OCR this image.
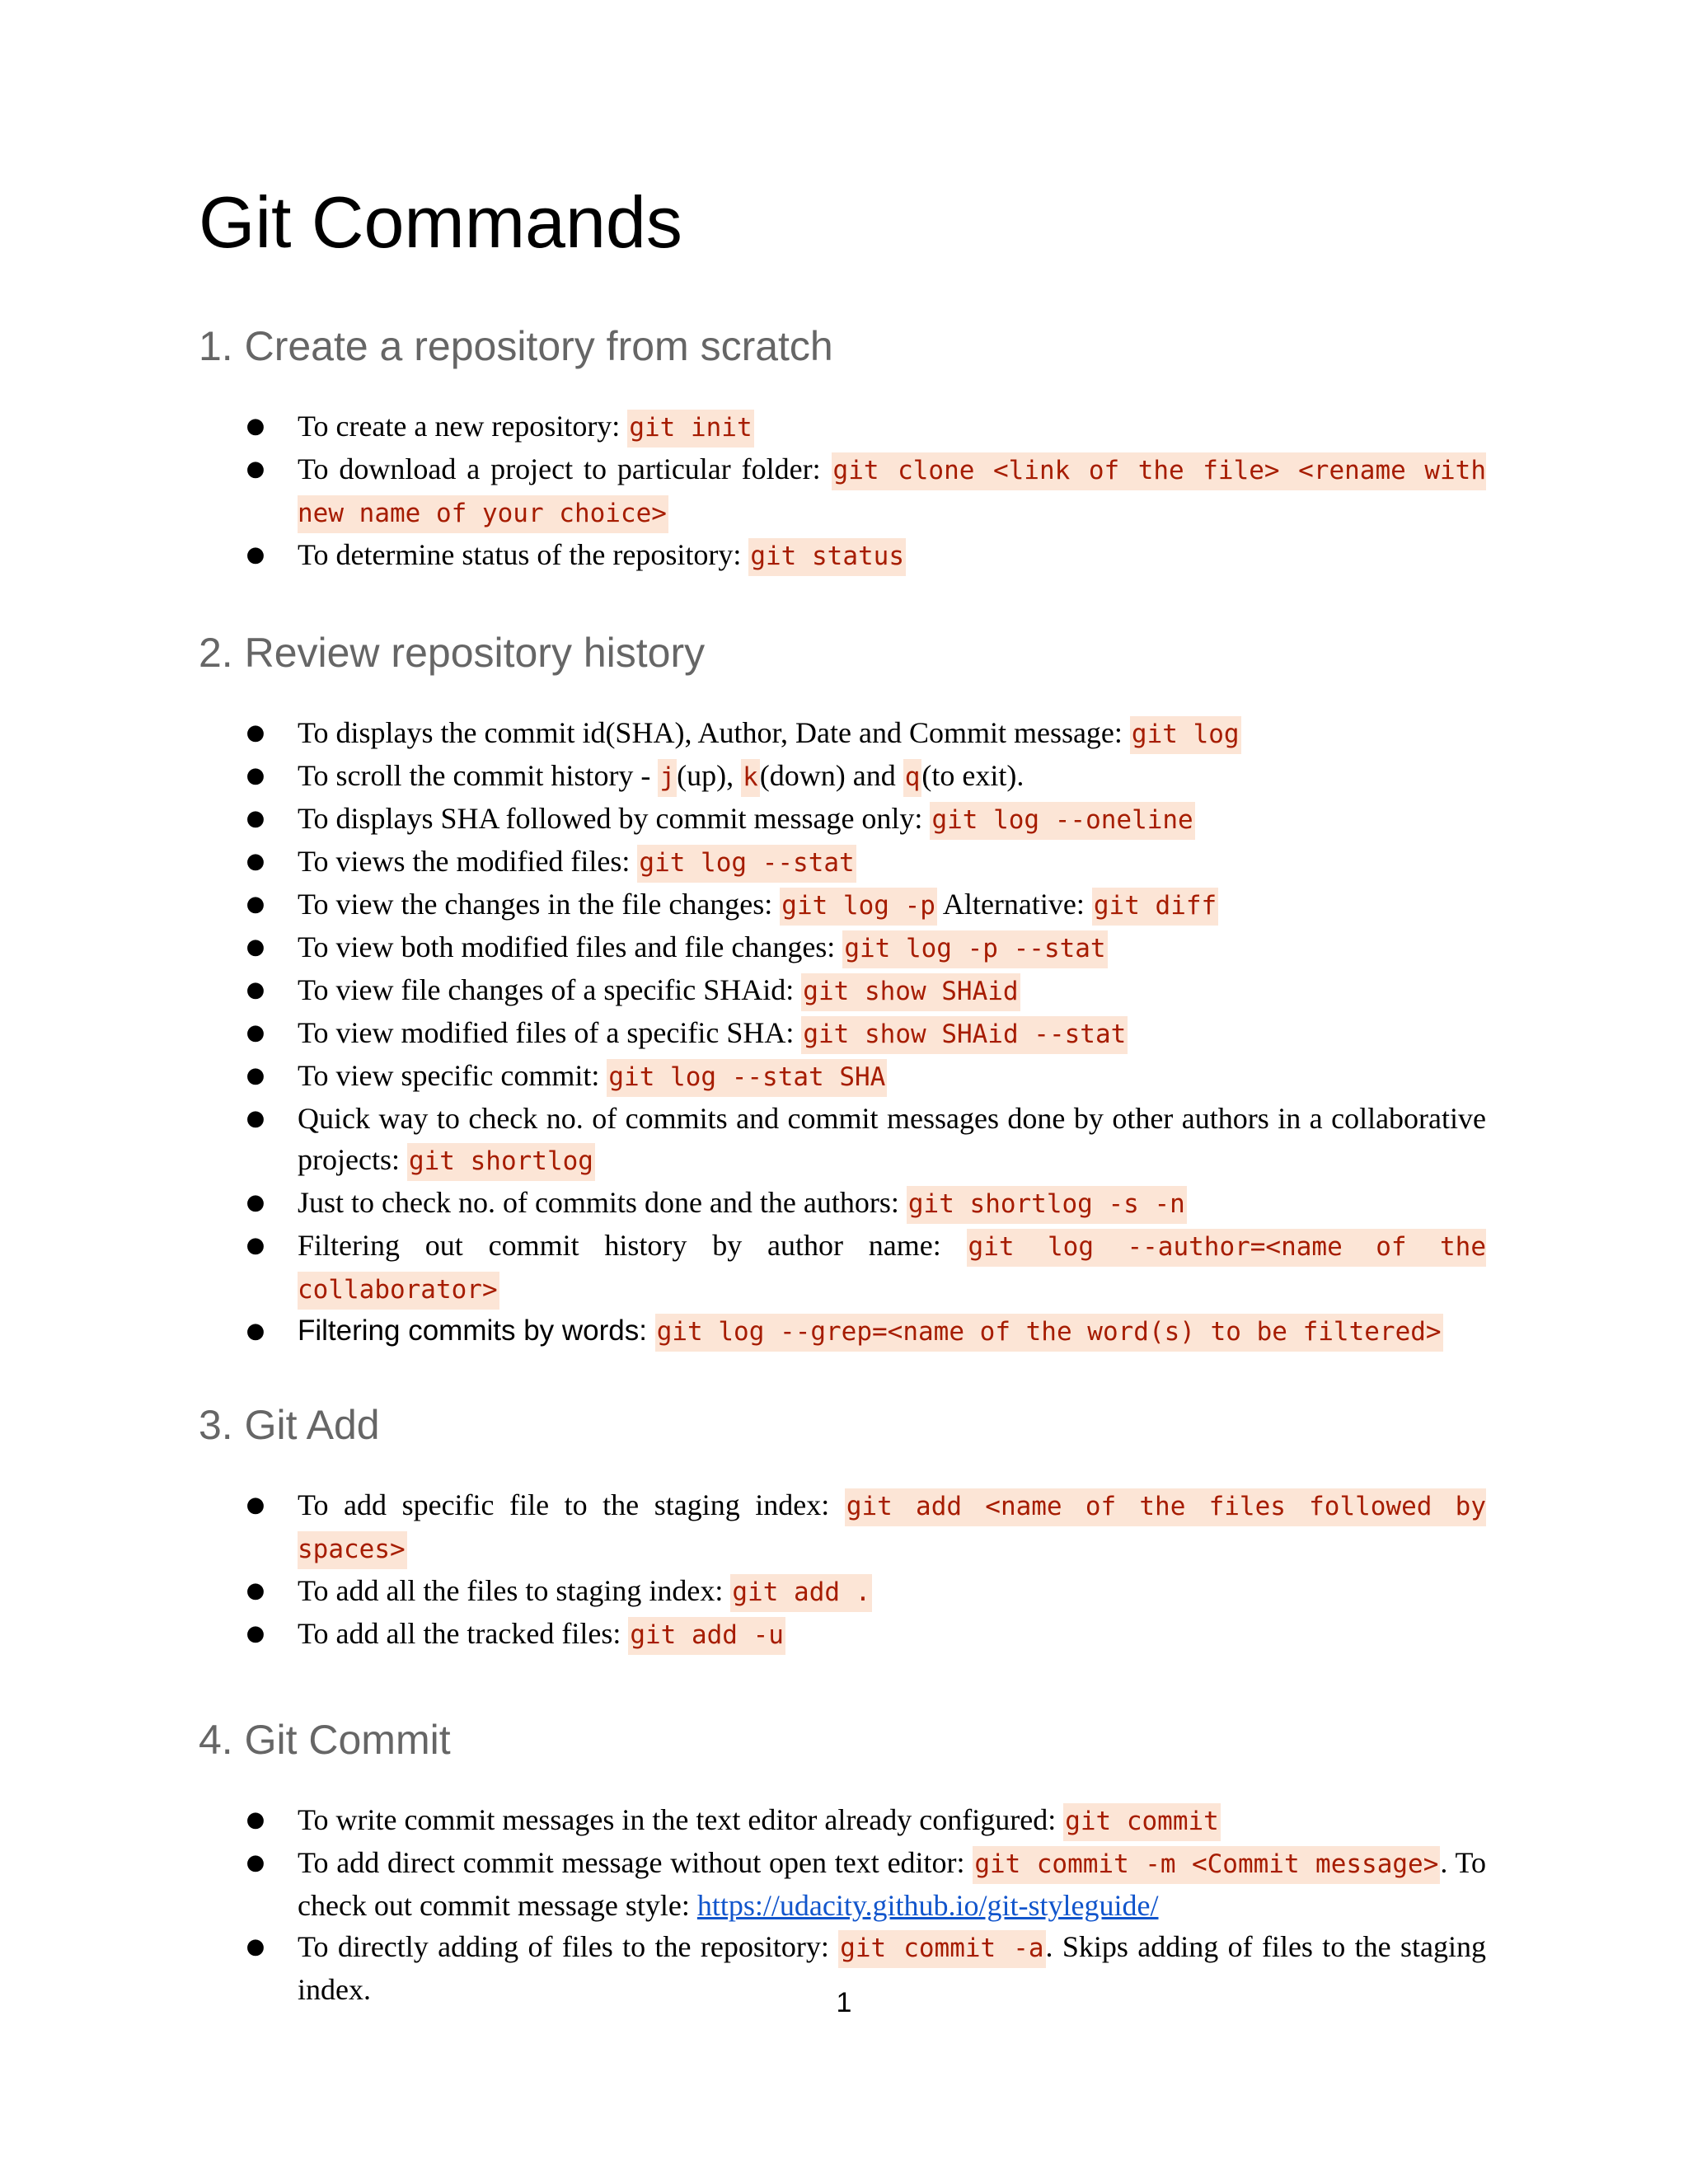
Git Commands
1. Create a repository from scratch
● To create a new repository: git init
● To download a project to particular folder: git clone <link of the file> <rename with new name of your choice>
● To determine status of the repository: git status
2. Review repository history
● To displays the commit id(SHA), Author, Date and Commit message: git log
● To scroll the commit history - j(up), k(down) and q(to exit).
● To displays SHA followed by commit message only: git log --oneline
● To views the modified files: git log --stat
● To view the changes in the file changes: git log -p Alternative: git diff
● To view both modified files and file changes: git log -p --stat
● To view file changes of a specific SHAid: git show SHAid
● To view modified files of a specific SHA: git show SHAid --stat
● To view specific commit: git log --stat SHA
● Quick way to check no. of commits and commit messages done by other authors in a collaborative projects: git shortlog
● Just to check no. of commits done and the authors: git shortlog -s -n
● Filtering out commit history by author name: git log --author=<name of the collaborator>
● Filtering commits by words: git log --grep=<name of the word(s) to be filtered>
3. Git Add
● To add specific file to the staging index: git add <name of the files followed by spaces>
● To add all the files to staging index: git add .
● To add all the tracked files: git add -u
4. Git Commit
● To write commit messages in the text editor already configured: git commit
● To add direct commit message without open text editor: git commit -m <Commit message>. To check out commit message style: https://udacity.github.io/git-styleguide/
● To directly adding of files to the repository: git commit -a. Skips adding of files to the staging index.	1
